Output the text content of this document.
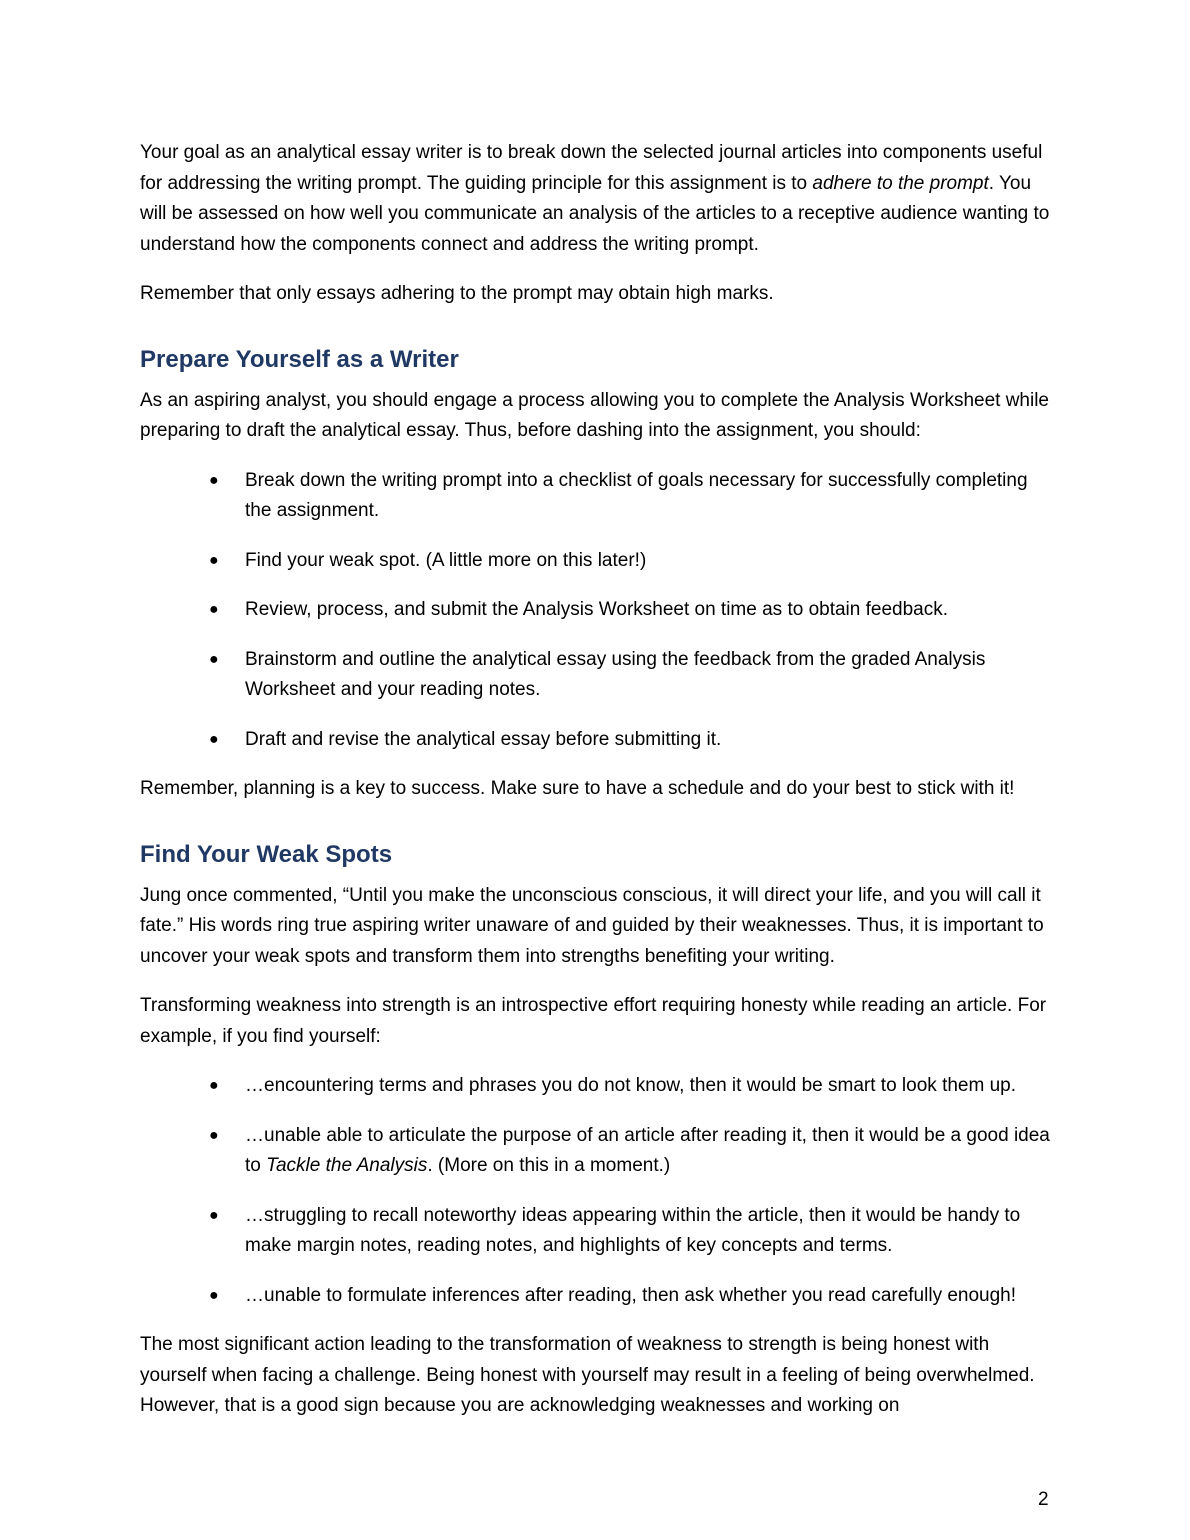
Your goal as an analytical essay writer is to break down the selected journal articles into components useful for addressing the writing prompt. The guiding principle for this assignment is to adhere to the prompt. You will be assessed on how well you communicate an analysis of the articles to a receptive audience wanting to understand how the components connect and address the writing prompt.

Remember that only essays adhering to the prompt may obtain high marks.

Prepare Yourself as a Writer

As an aspiring analyst, you should engage a process allowing you to complete the Analysis Worksheet while preparing to draft the analytical essay. Thus, before dashing into the assignment, you should:

● Break down the writing prompt into a checklist of goals necessary for successfully completing the assignment.
● Find your weak spot. (A little more on this later!)
● Review, process, and submit the Analysis Worksheet on time as to obtain feedback.
● Brainstorm and outline the analytical essay using the feedback from the graded Analysis Worksheet and your reading notes.
● Draft and revise the analytical essay before submitting it.

Remember, planning is a key to success. Make sure to have a schedule and do your best to stick with it!

Find Your Weak Spots

Jung once commented, “Until you make the unconscious conscious, it will direct your life, and you will call it fate.” His words ring true aspiring writer unaware of and guided by their weaknesses. Thus, it is important to uncover your weak spots and transform them into strengths benefiting your writing.

Transforming weakness into strength is an introspective effort requiring honesty while reading an article. For example, if you find yourself:

● …encountering terms and phrases you do not know, then it would be smart to look them up.
● …unable able to articulate the purpose of an article after reading it, then it would be a good idea to Tackle the Analysis. (More on this in a moment.)
● …struggling to recall noteworthy ideas appearing within the article, then it would be handy to make margin notes, reading notes, and highlights of key concepts and terms.
● …unable to formulate inferences after reading, then ask whether you read carefully enough!

The most significant action leading to the transformation of weakness to strength is being honest with yourself when facing a challenge. Being honest with yourself may result in a feeling of being overwhelmed. However, that is a good sign because you are acknowledging weaknesses and working on

2
